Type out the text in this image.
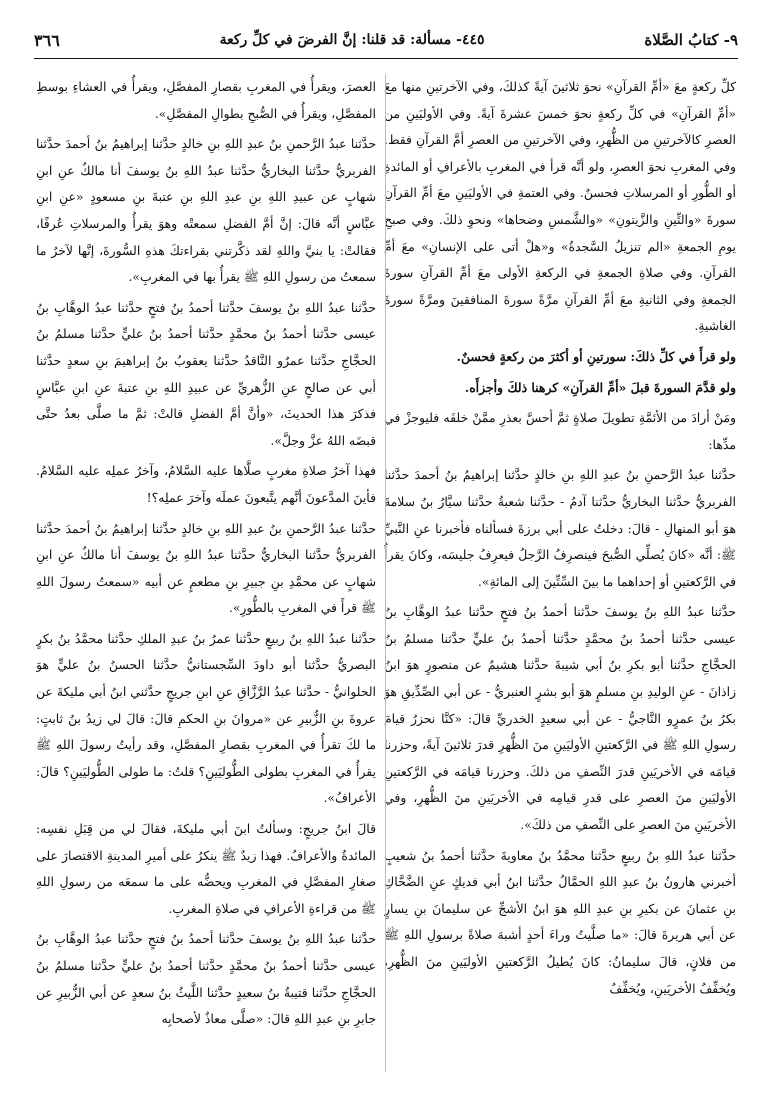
٩- كتابُ الصَّلاة
٤٤٥- مسألة: قد قلنا: إنَّ الفرضَ في كلِّ ركعة
٣٦٦

كلِّ ركعةٍ معَ «أمِّ القرآنِ» نحوَ ثلاثينَ آيةً كذلكَ، وفي الآخرتينِ منها معَ «أمِّ القرآنِ» في كلِّ ركعةٍ نحوَ خمسَ عشرةَ آيةً. وفي الأوليَينِ من العصرِ كالآخرتينِ من الظُّهرِ، وفي الآخرتينِ من العصرِ أمَّ القرآنِ فقط. وفي المغربِ نحوَ العصرِ، ولو أنَّه قرأ في المغربِ بالأعرافِ أو المائدةِ أو الطُّورِ أو المرسلاتِ فحسنٌ. وفي العتمةِ في الأوليَينِ معَ أمِّ القرآنِ سورةَ «والتِّينِ والزَّيتونِ» «والشَّمسِ وضحاها» ونحوِ ذلكَ. وفي صبحِ يومِ الجمعةِ «الم تنزيلُ السَّجدةُ» و«هلْ أتى على الإنسانِ» معَ أمِّ القرآنِ. وفي صلاةِ الجمعةِ في الركعةِ الأولى معَ أمِّ القرآنِ سورةَ الجمعةِ وفي الثانيةِ معَ أمِّ القرآنِ مرَّةً سورةَ المنافقينَ ومرَّةً سورةَ الغاشيةِ.

ولو قرأَ في كلِّ ذلكَ: سورتينِ أو أكثرَ من ركعةٍ فحسنٌ.

ولو قدَّمَ السورةَ قبلَ «أمِّ القرآنِ» كرهنا ذلكَ وأجزأَه.

ومَنْ أرادَ من الأئمَّةِ تطويلَ صلاةٍ ثمَّ أحسَّ بعذرِ ممَّنْ خلفَه فليوجزْ في مدِّها:

حدَّثنا عبدُ الرَّحمنِ بنُ عبدِ اللهِ بنِ خالدٍ حدَّثنا إبراهيمُ بنُ أحمدَ حدَّثنا الفربريُّ حدَّثنا البخاريُّ حدَّثنا آدمُ - حدَّثنا شعبةُ حدَّثنا سيَّارُ بنُ سلامةَ هوَ أبو المنهالِ - قالَ: دخلتُ على أبي برزةَ فسألناه فأخبرنا عنِ النَّبيِّ ﷺ: أنَّه «كانَ يُصلِّي الصُّبحَ فينصرِفُ الرَّجلُ فيعرِفُ جليسَه، وكانَ يقرأُ في الرَّكعتينِ أو إحداهما ما بينَ السِّتِّينَ إلى المائةِ».

حدَّثنا عبدُ اللهِ بنُ يوسفَ حدَّثنا أحمدُ بنُ فتحٍ حدَّثنا عبدُ الوهَّابِ بنُ عيسى حدَّثنا أحمدُ بنُ محمَّدٍ حدَّثنا أحمدُ بنُ عليٍّ حدَّثنا مسلمُ بنُ الحجَّاجِ حدَّثنا أبو بكرِ بنُ أبي شيبةَ حدَّثنا هشيمٌ عن منصورٍ هوَ ابنُ زاذانَ - عنِ الوليدِ بنِ مسلمٍ هوَ أبو بشرٍ العنبريُّ - عن أبي الصِّدِّيقِ هوَ بكرُ بنُ عمرٍو النَّاجيُّ - عن أبي سعيدٍ الخدريِّ قالَ: «كنَّا نحزرُ قيامَ رسولِ اللهِ ﷺ في الرَّكعتينِ الأوليَينِ منَ الظُّهرِ قدرَ ثلاثينَ آيةً، وحزرنا قيامَه في الأخريَينِ قدرَ النِّصفِ من ذلكَ. وحزرنا قيامَه في الرَّكعتينِ الأوليَينِ منَ العصرِ على قدرِ قيامِه في الأخريَينِ منَ الظُّهرِ، وفي الأخريَينِ منَ العصرِ على النِّصفِ من ذلكَ».

حدَّثنا عبدُ اللهِ بنُ ربيعٍ حدَّثنا محمَّدُ بنُ معاويةَ حدَّثنا أحمدُ بنُ شعيبٍ أخبرني هارونُ بنُ عبدِ اللهِ الحمَّالُ حدَّثنا ابنُ أبي فديكٍ عنِ الضَّحَّاكِ بنِ عثمانَ عن بكيرِ بنِ عبدِ اللهِ هوَ ابنُ الأشجِّ عن سليمانَ بنِ يسارٍ عن أبي هريرةَ قالَ: «ما صلَّيتُ وراءَ أحدٍ أشبهَ صلاةً برسولِ اللهِ ﷺ من فلانٍ، قالَ سليمانُ: كانَ يُطيلُ الرَّكعتينِ الأوليَينِ منَ الظُّهرِ، ويُخفِّفُ الأخريَينِ، ويُخفِّفُ

العصرَ، ويقرأُ في المغربِ بقصارِ المفصَّلِ، ويقرأُ في العشاءِ بوسطِ المفصَّلِ، ويقرأُ في الصُّبحِ بطوالِ المفصَّلِ».

حدَّثنا عبدُ الرَّحمنِ بنُ عبدِ اللهِ بنِ خالدٍ حدَّثنا إبراهيمُ بنُ أحمدَ حدَّثنا الفربريُّ حدَّثنا البخاريُّ حدَّثنا عبدُ اللهِ بنُ يوسفَ أنا مالكٌ عنِ ابنِ شهابٍ عن عبيدِ اللهِ بنِ عبدِ اللهِ بنِ عتبةَ بنِ مسعودٍ «عنِ ابنِ عبَّاسٍ أنَّه قالَ: إنَّ أمَّ الفضلِ سمعتْه وهوَ يقرأُ والمرسلاتِ عُرفًا، فقالتْ: يا بنيَّ واللهِ لقد ذكَّرتني بقراءتكَ هذهِ السُّورةَ، إنَّها لآخرُ ما سمعتُ من رسولِ اللهِ ﷺ يقرأُ بها في المغربِ».

حدَّثنا عبدُ اللهِ بنُ يوسفَ حدَّثنا أحمدُ بنُ فتحٍ حدَّثنا عبدُ الوهَّابِ بنُ عيسى حدَّثنا أحمدُ بنُ محمَّدٍ حدَّثنا أحمدُ بنُ عليٍّ حدَّثنا مسلمُ بنُ الحجَّاجِ حدَّثنا عمرٌو النَّاقدُ حدَّثنا يعقوبُ بنُ إبراهيمَ بنِ سعدٍ حدَّثنا أبي عن صالحٍ عنِ الزُّهريِّ عن عبيدِ اللهِ بنِ عتبةَ عنِ ابنِ عبَّاسٍ فذكرَ هذا الحديثَ، «وأنَّ أمَّ الفضلِ قالتْ: ثمَّ ما صلَّى بعدُ حتَّى قبضَه اللهُ عزَّ وجلَّ».

فهذا آخرُ صلاةِ مغربٍ صلَّاها عليه السَّلامُ، وآخرُ عملِه عليه السَّلامُ. فأينَ المدَّعونَ أنَّهم يتَّبعونَ عملَه وآخرَ عملِه؟!

حدَّثنا عبدُ الرَّحمنِ بنُ عبدِ اللهِ بنِ خالدٍ حدَّثنا إبراهيمُ بنُ أحمدَ حدَّثنا الفربريُّ حدَّثنا البخاريُّ حدَّثنا عبدُ اللهِ بنُ يوسفَ أنا مالكٌ عنِ ابنِ شهابٍ عن محمَّدِ بنِ جبيرِ بنِ مطعمٍ عن أبيه «سمعتُ رسولَ اللهِ ﷺ قرأَ في المغربِ بالطُّورِ».

حدَّثنا عبدُ اللهِ بنُ ربيعٍ حدَّثنا عمرُ بنُ عبدِ الملكِ حدَّثنا محمَّدُ بنُ بكرٍ البصريُّ حدَّثنا أبو داودَ السِّجستانيُّ حدَّثنا الحسنُ بنُ عليٍّ هوَ الحلوانيُّ - حدَّثنا عبدُ الرَّزَّاقِ عنِ ابنِ جريجٍ حدَّثني ابنُ أبي مليكةَ عن عروةَ بنِ الزُّبيرِ عن «مروانَ بنِ الحكمِ قالَ: قالَ لي زيدُ بنُ ثابتٍ: ما لكَ تقرأُ في المغربِ بقصارِ المفصَّلِ، وقد رأيتُ رسولَ اللهِ ﷺ يقرأُ في المغربِ بطولى الطُّوليَينِ؟ قلتُ: ما طولى الطُّوليَينِ؟ قالَ: الأعرافُ».

قالَ ابنُ جريجٍ: وسألتُ ابنَ أبي مليكةَ، فقالَ لي من قِبَلِ نفسِه: المائدةُ والأعرافُ. فهذا زيدٌ ﷺ ينكرُ على أميرِ المدينةِ الاقتصارَ على صغارِ المفصَّلِ في المغربِ ويحضُّه على ما سمعَه من رسولِ اللهِ ﷺ من قراءةِ الأعرافِ في صلاةِ المغربِ.

حدَّثنا عبدُ اللهِ بنُ يوسفَ حدَّثنا أحمدُ بنُ فتحٍ حدَّثنا عبدُ الوهَّابِ بنُ عيسى حدَّثنا أحمدُ بنُ محمَّدٍ حدَّثنا أحمدُ بنُ عليٍّ حدَّثنا مسلمُ بنُ الحجَّاجِ حدَّثنا قتيبةُ بنُ سعيدٍ حدَّثنا اللَّيثُ بنُ سعدٍ عن أبي الزُّبيرِ عن جابرِ بنِ عبدِ اللهِ قالَ: «صلَّى معاذٌ لأصحابِه
